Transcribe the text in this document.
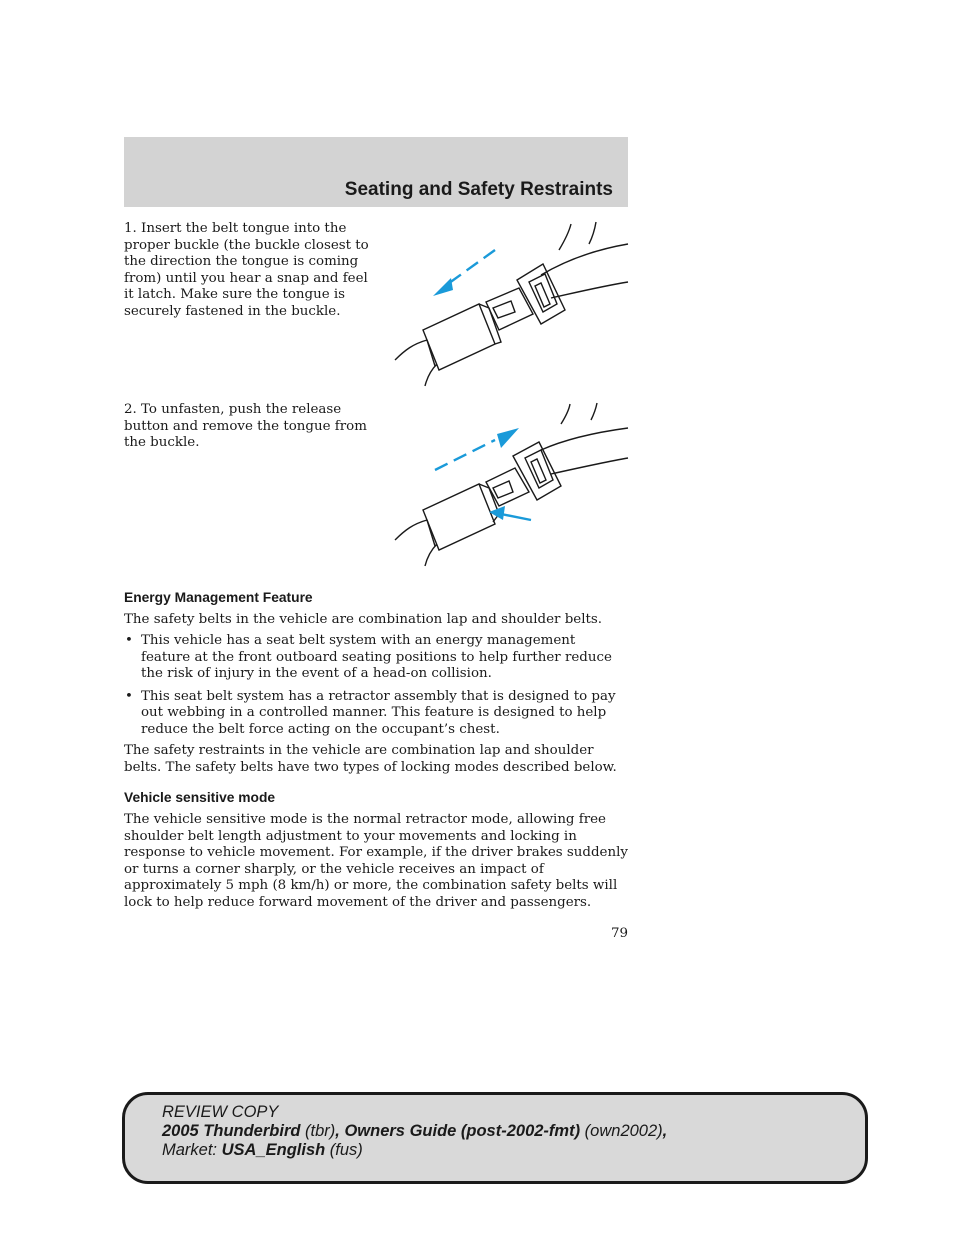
Seating and Safety Restraints

1. Insert the belt tongue into the proper buckle (the buckle closest to the direction the tongue is coming from) until you hear a snap and feel it latch. Make sure the tongue is securely fastened in the buckle.

2. To unfasten, push the release button and remove the tongue from the buckle.

Energy Management Feature

The safety belts in the vehicle are combination lap and shoulder belts.

• This vehicle has a seat belt system with an energy management feature at the front outboard seating positions to help further reduce the risk of injury in the event of a head-on collision.
• This seat belt system has a retractor assembly that is designed to pay out webbing in a controlled manner. This feature is designed to help reduce the belt force acting on the occupant’s chest.

The safety restraints in the vehicle are combination lap and shoulder belts. The safety belts have two types of locking modes described below.

Vehicle sensitive mode

The vehicle sensitive mode is the normal retractor mode, allowing free shoulder belt length adjustment to your movements and locking in response to vehicle movement. For example, if the driver brakes suddenly or turns a corner sharply, or the vehicle receives an impact of approximately 5 mph (8 km/h) or more, the combination safety belts will lock to help reduce forward movement of the driver and passengers.

79
REVIEW COPY
2005 Thunderbird (tbr), Owners Guide (post-2002-fmt) (own2002),
Market: USA_English (fus)
